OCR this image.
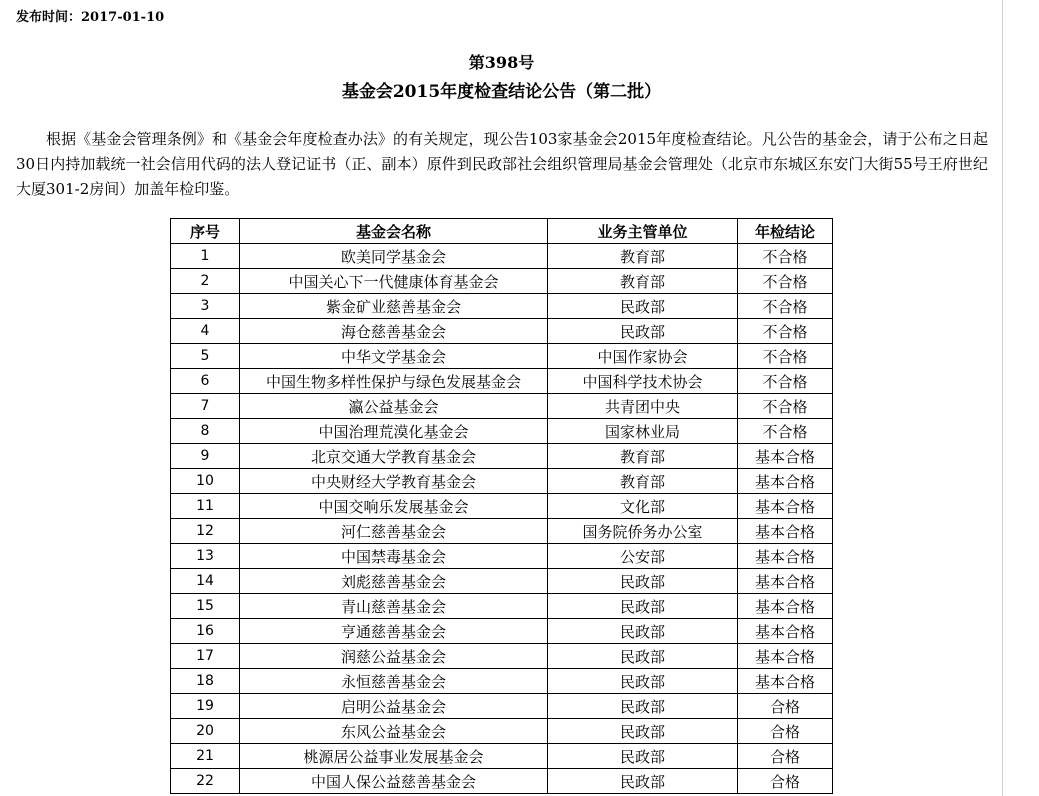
发布时间：2017-01-10
第398号
基金会2015年度检查结论公告（第二批）

根据《基金会管理条例》和《基金会年度检查办法》的有关规定，现公告103家基金会2015年度检查结论。凡公告的基金会，请于公布之日起30日内持加载统一社会信用代码的法人登记证书（正、副本）原件到民政部社会组织管理局基金会管理处（北京市东城区东安门大街55号王府世纪大厦301-2房间）加盖年检印鉴。

序号	基金会名称	业务主管单位	年检结论
1	欧美同学基金会	教育部	不合格
2	中国关心下一代健康体育基金会	教育部	不合格
3	紫金矿业慈善基金会	民政部	不合格
4	海仓慈善基金会	民政部	不合格
5	中华文学基金会	中国作家协会	不合格
6	中国生物多样性保护与绿色发展基金会	中国科学技术协会	不合格
7	瀛公益基金会	共青团中央	不合格
8	中国治理荒漠化基金会	国家林业局	不合格
9	北京交通大学教育基金会	教育部	基本合格
10	中央财经大学教育基金会	教育部	基本合格
11	中国交响乐发展基金会	文化部	基本合格
12	河仁慈善基金会	国务院侨务办公室	基本合格
13	中国禁毒基金会	公安部	基本合格
14	刘彪慈善基金会	民政部	基本合格
15	青山慈善基金会	民政部	基本合格
16	亨通慈善基金会	民政部	基本合格
17	润慈公益基金会	民政部	基本合格
18	永恒慈善基金会	民政部	基本合格
19	启明公益基金会	民政部	合格
20	东风公益基金会	民政部	合格
21	桃源居公益事业发展基金会	民政部	合格
22	中国人保公益慈善基金会	民政部	合格
